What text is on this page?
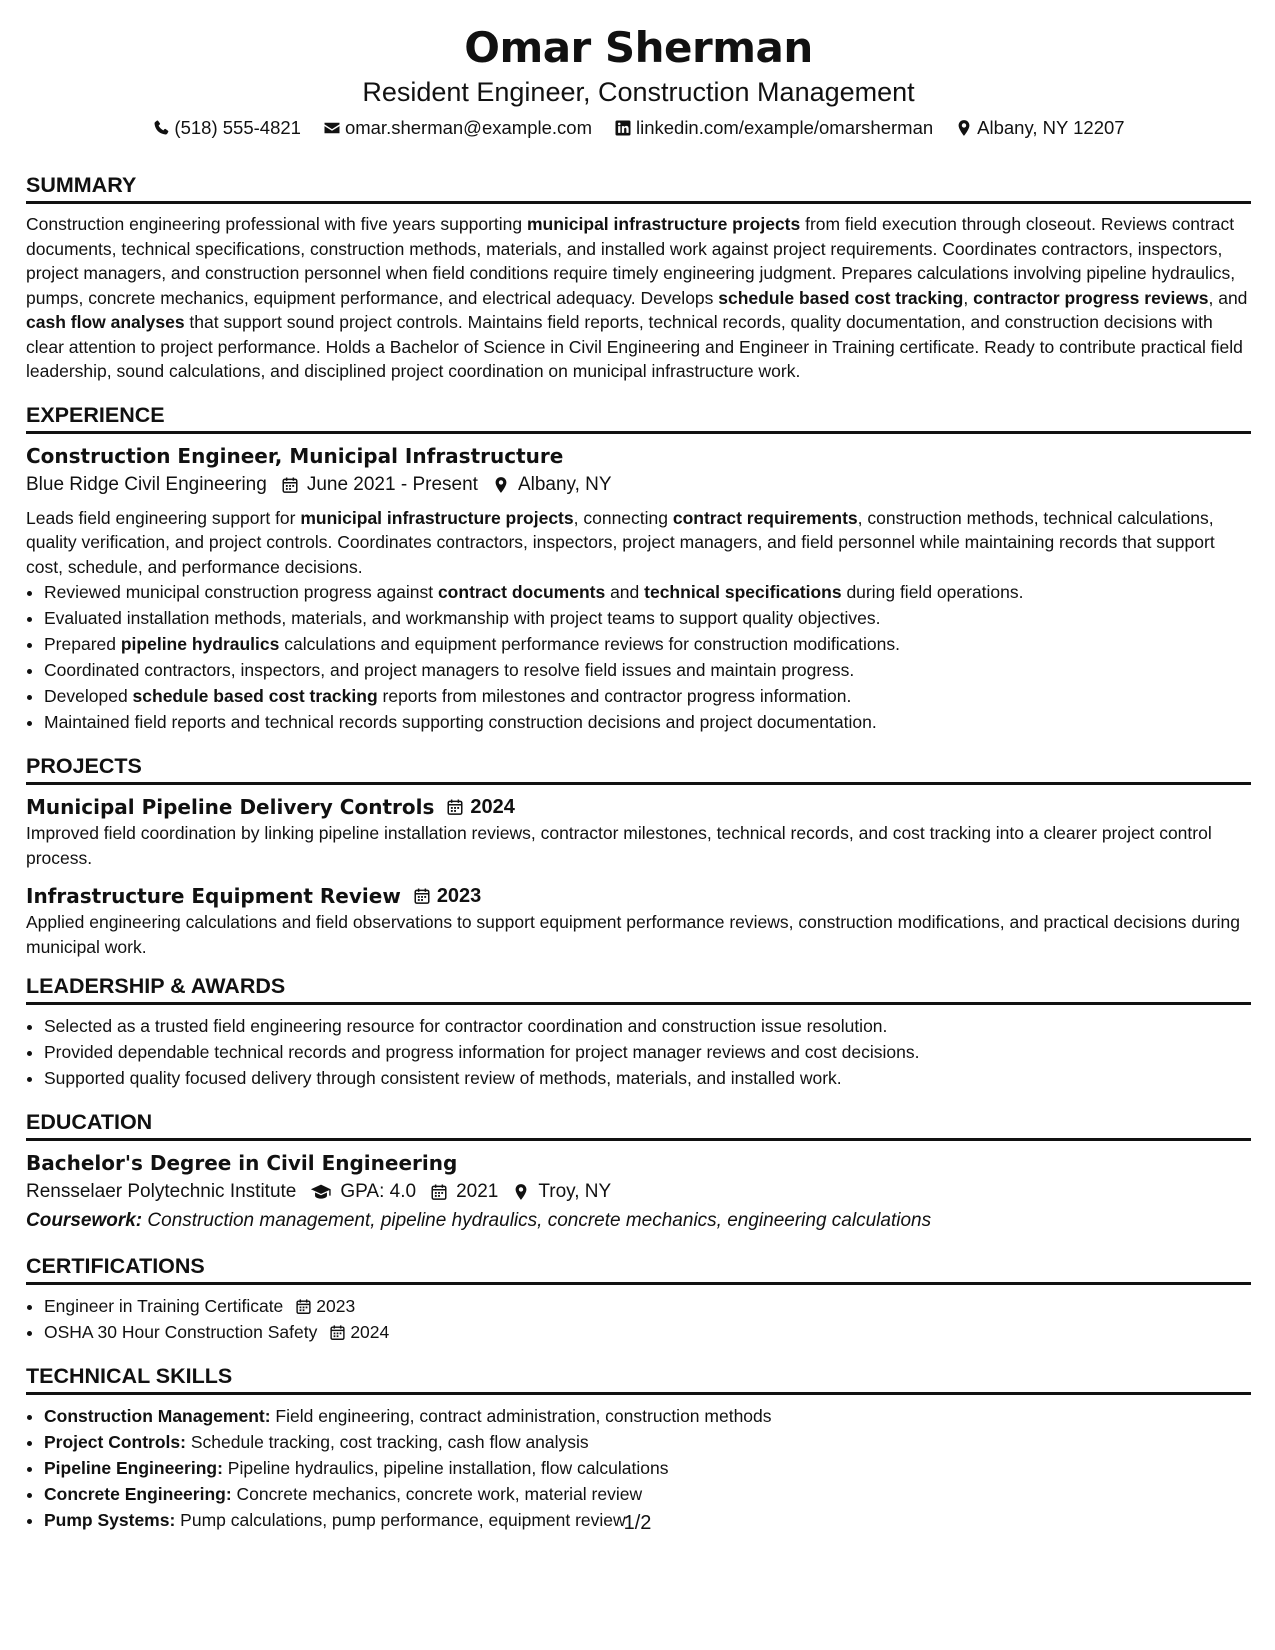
Omar Sherman
Resident Engineer, Construction Management
(518) 555-4821 omar.sherman@example.com linkedin.com/example/omarsherman Albany, NY 12207
SUMMARY

Construction engineering professional with five years supporting municipal infrastructure projects from field execution through closeout. Reviews contract documents, technical specifications, construction methods, materials, and installed work against project requirements. Coordinates contractors, inspectors, project managers, and construction personnel when field conditions require timely engineering judgment. Prepares calculations involving pipeline hydraulics, pumps, concrete mechanics, equipment performance, and electrical adequacy. Develops schedule based cost tracking, contractor progress reviews, and cash flow analyses that support sound project controls. Maintains field reports, technical records, quality documentation, and construction decisions with clear attention to project performance. Holds a Bachelor of Science in Civil Engineering and Engineer in Training certificate. Ready to contribute practical field leadership, sound calculations, and disciplined project coordination on municipal infrastructure work.

EXPERIENCE
Construction Engineer, Municipal Infrastructure
Blue Ridge Civil Engineering June 2021 - Present Albany, NY

Leads field engineering support for municipal infrastructure projects, connecting contract requirements, construction methods, technical calculations, quality verification, and project controls. Coordinates contractors, inspectors, project managers, and field personnel while maintaining records that support cost, schedule, and performance decisions.

• Reviewed municipal construction progress against contract documents and technical specifications during field operations.
• Evaluated installation methods, materials, and workmanship with project teams to support quality objectives.
• Prepared pipeline hydraulics calculations and equipment performance reviews for construction modifications.
• Coordinated contractors, inspectors, and project managers to resolve field issues and maintain progress.
• Developed schedule based cost tracking reports from milestones and contractor progress information.
• Maintained field reports and technical records supporting construction decisions and project documentation.
PROJECTS
Municipal Pipeline Delivery Controls 2024

Improved field coordination by linking pipeline installation reviews, contractor milestones, technical records, and cost tracking into a clearer project control process.

Infrastructure Equipment Review 2023

Applied engineering calculations and field observations to support equipment performance reviews, construction modifications, and practical decisions during municipal work.

LEADERSHIP & AWARDS
• Selected as a trusted field engineering resource for contractor coordination and construction issue resolution.
• Provided dependable technical records and progress information for project manager reviews and cost decisions.
• Supported quality focused delivery through consistent review of methods, materials, and installed work.
EDUCATION
Bachelor's Degree in Civil Engineering
Rensselaer Polytechnic Institute GPA: 4.0 2021 Troy, NY
Coursework: Construction management, pipeline hydraulics, concrete mechanics, engineering calculations
CERTIFICATIONS
• Engineer in Training Certificate 2023
• OSHA 30 Hour Construction Safety 2024
TECHNICAL SKILLS
• Construction Management: Field engineering, contract administration, construction methods
• Project Controls: Schedule tracking, cost tracking, cash flow analysis
• Pipeline Engineering: Pipeline hydraulics, pipeline installation, flow calculations
• Concrete Engineering: Concrete mechanics, concrete work, material review
• Pump Systems: Pump calculations, pump performance, equipment review
1/2
